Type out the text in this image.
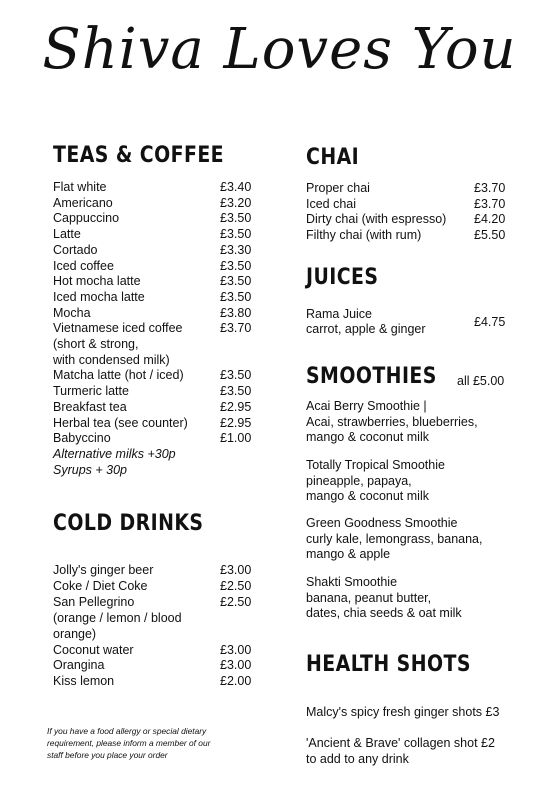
Shiva Loves You
TEAS & COFFEE
Flat white	£3.40
Americano	£3.20
Cappuccino	£3.50
Latte	£3.50
Cortado	£3.30
Iced coffee	£3.50
Hot mocha latte	£3.50
Iced mocha latte	£3.50
Mocha	£3.80
Vietnamese iced coffee	£3.70
(short & strong,
with condensed milk)
Matcha latte (hot / iced)	£3.50
Turmeric latte	£3.50
Breakfast tea	£2.95
Herbal tea (see counter)	£2.95
Babyccino	£1.00
Alternative milks +30p
Syrups + 30p
COLD DRINKS
Jolly's ginger beer	£3.00
Coke / Diet Coke	£2.50
San Pellegrino	£2.50
(orange / lemon / blood
orange)
Coconut water	£3.00
Orangina	£3.00
Kiss lemon	£2.00
If you have a food allergy or special dietary
requirement, please inform a member of our
staff before you place your order
CHAI
Proper chai	£3.70
Iced chai	£3.70
Dirty chai (with espresso) £4.20
Filthy chai (with rum)	£5.50
JUICES
Rama Juice
carrot, apple & ginger	£4.75
SMOOTHIES all £5.00
Acai Berry Smoothie |
Acai, strawberries, blueberries,
mango & coconut milk
Totally Tropical Smoothie
pineapple, papaya,
mango & coconut milk
Green Goodness Smoothie
curly kale, lemongrass, banana,
mango & apple
Shakti Smoothie
banana, peanut butter,
dates, chia seeds & oat milk
HEALTH SHOTS
Malcy's spicy fresh ginger shots £3
'Ancient & Brave' collagen shot £2
to add to any drink
